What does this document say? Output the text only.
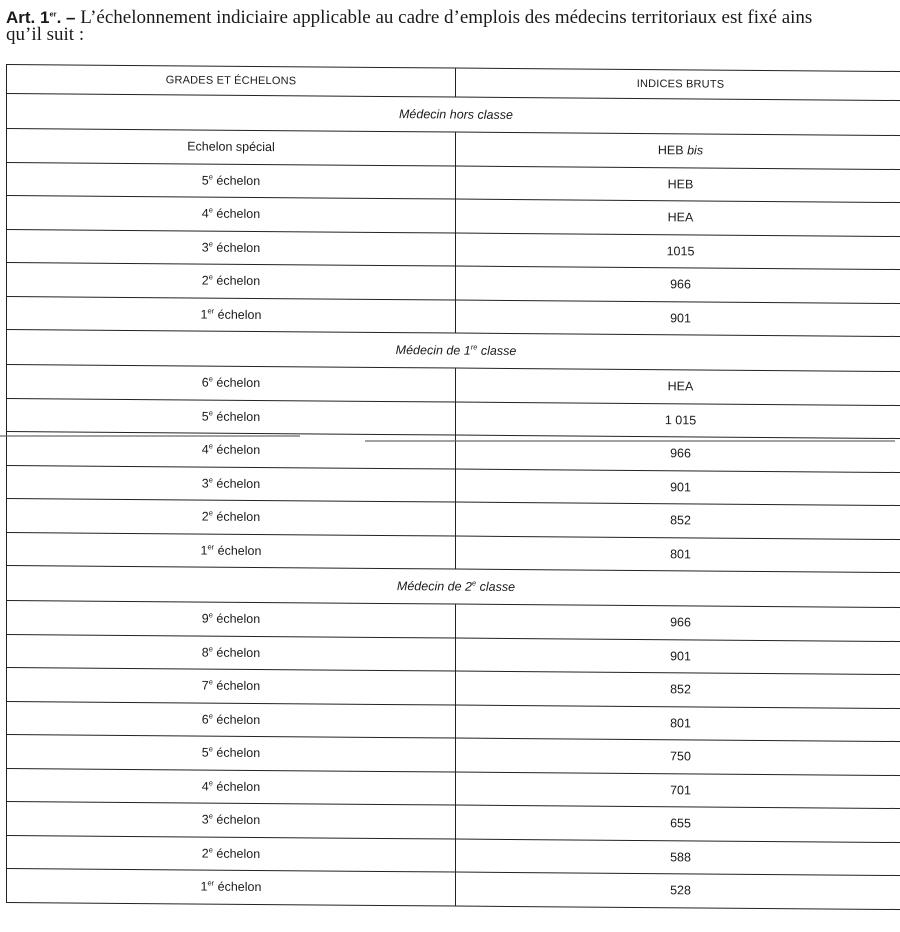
Art. 1er. – L’échelonnement indiciaire applicable au cadre d’emplois des médecins territoriaux est fixé ains
qu’il suit :
GRADES ET ÉCHELONS	INDICES BRUTS
Médecin hors classe	
Echelon spécial	HEB bis
5e échelon	HEB
4e échelon	HEA
3e échelon	1015
2e échelon	966
1er échelon	901
Médecin de 1re classe	
6e échelon	HEA
5e échelon	1 015
4e échelon	966
3e échelon	901
2e échelon	852
1er échelon	801
Médecin de 2e classe	
9e échelon	966
8e échelon	901
7e échelon	852
6e échelon	801
5e échelon	750
4e échelon	701
3e échelon	655
2e échelon	588
1er échelon	528
